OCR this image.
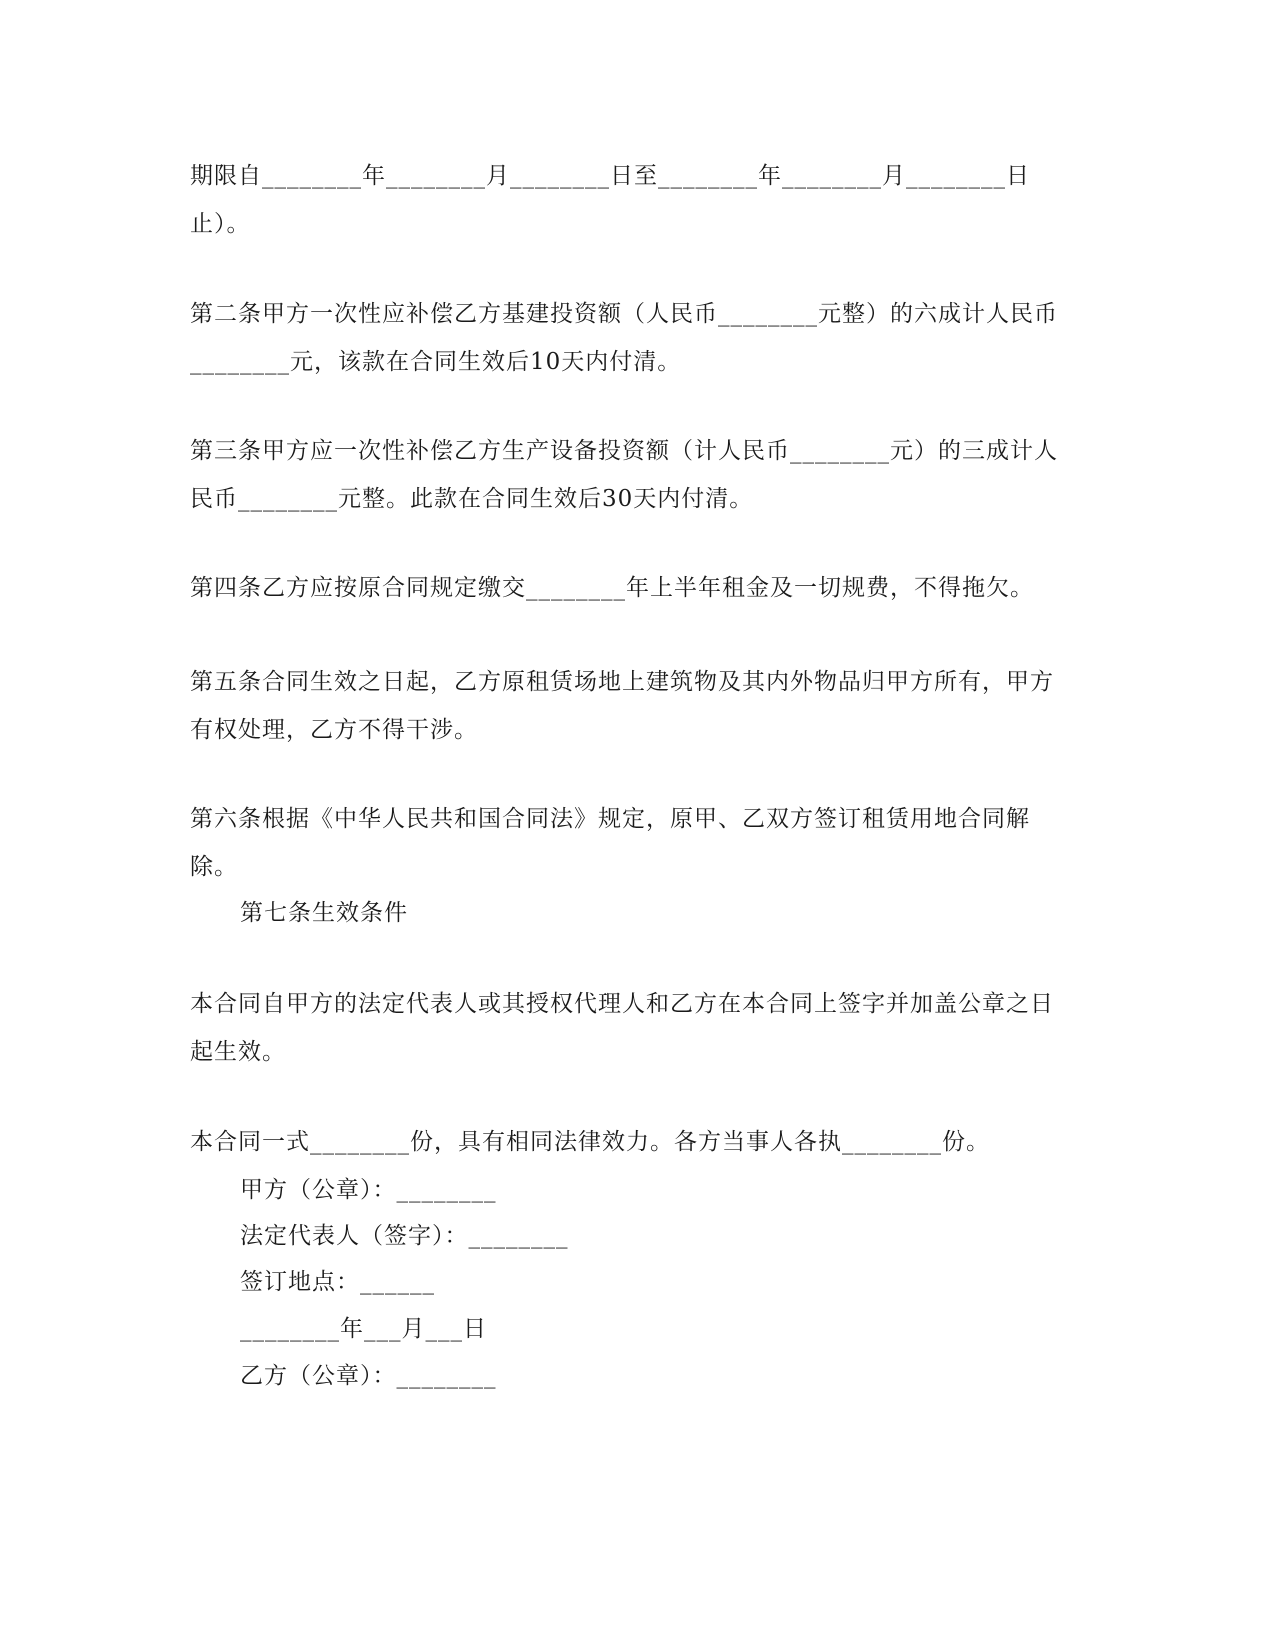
期限自________年________月________日至________年________月________日止）。

第二条甲方一次性应补偿乙方基建投资额（人民币________元整）的六成计人民币________元，该款在合同生效后10天内付清。

第三条甲方应一次性补偿乙方生产设备投资额（计人民币________元）的三成计人民币________元整。此款在合同生效后30天内付清。

第四条乙方应按原合同规定缴交________年上半年租金及一切规费，不得拖欠。

第五条合同生效之日起，乙方原租赁场地上建筑物及其内外物品归甲方所有，甲方有权处理，乙方不得干涉。

第六条根据《中华人民共和国合同法》规定，原甲、乙双方签订租赁用地合同解除。

第七条生效条件

本合同自甲方的法定代表人或其授权代理人和乙方在本合同上签字并加盖公章之日起生效。

本合同一式________份，具有相同法律效力。各方当事人各执________份。

甲方（公章）：________

法定代表人（签字）：________

签订地点：______

________年___月___日

乙方（公章）：________
